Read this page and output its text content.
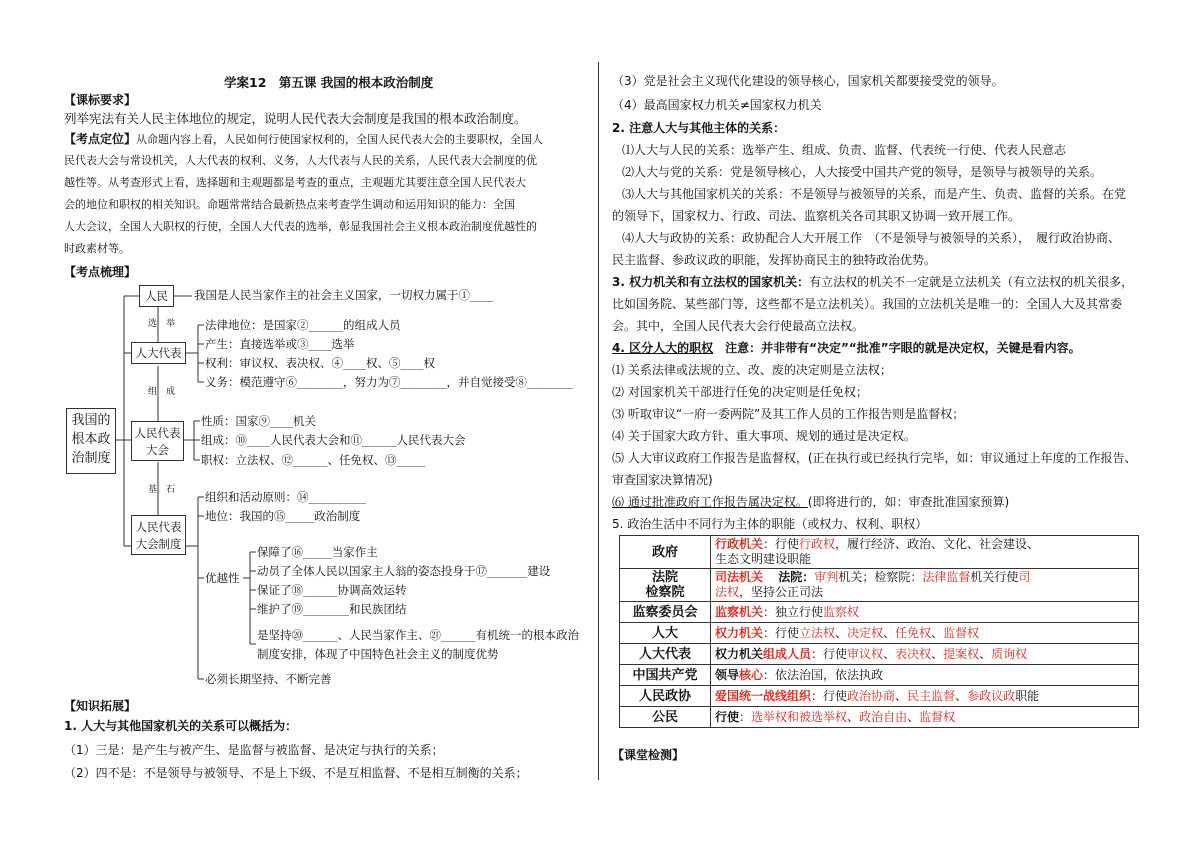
学案12　第五课 我国的根本政治制度
【课标要求】
列举宪法有关人民主体地位的规定，说明人民代表大会制度是我国的根本政治制度。
【考点定位】从命题内容上看，人民如何行使国家权利的，全国人民代表大会的主要职权，全国人
民代表大会与常设机关，人大代表的权利、义务，人大代表与人民的关系，人民代表大会制度的优
越性等。从考查形式上看，选择题和主观题都是考查的重点，主观题尤其要注意全国人民代表大
会的地位和职权的相关知识。命题常常结合最新热点来考查学生调动和运用知识的能力：全国
人大会议，全国人大职权的行使，全国人大代表的选举，彰显我国社会主义根本政治制度优越性的
时政素材等。
【考点梳理】
我国的
根本政
治制度
人民
人大代表
人民代表
大会
人民代表
大会制度
选　举
组　成
基　石
我国是人民当家作主的社会主义国家，一切权力属于①____
法律地位：是国家②______的组成人员
产生：直接选举或③____选举
权利：审议权、表决权、④____权、⑤____权
义务：模范遵守⑥________，努力为⑦________，并自觉接受⑧________
性质：国家⑨____机关
组成：⑩____人民代表大会和⑪______人民代表大会
职权：立法权、⑫______、任免权、⑬_____
组织和活动原则：⑭__________
地位：我国的⑮_____政治制度
优越性
保障了⑯_____当家作主
动员了全体人民以国家主人翁的姿态投身于⑰_______建设
保证了⑱______协调高效运转
维护了⑲________和民族团结
是坚持⑳______、人民当家作主、㉑______有机统一的根本政治
制度安排，体现了中国特色社会主义的制度优势
必须长期坚持、不断完善
【知识拓展】
1. 人大与其他国家机关的关系可以概括为：
（1）三是：是产生与被产生、是监督与被监督、是决定与执行的关系；
（2）四不是：不是领导与被领导、不是上下级、不是互相监督、不是相互制衡的关系；
（3）党是社会主义现代化建设的领导核心，国家机关都要接受党的领导。
（4）最高国家权力机关≠国家权力机关
2. 注意人大与其他主体的关系：
⑴人大与人民的关系：选举产生、组成、负责、监督、代表统一行使、代表人民意志
⑵人大与党的关系：党是领导核心，人大接受中国共产党的领导，是领导与被领导的关系。
⑶人大与其他国家机关的关系：不是领导与被领导的关系，而是产生、负责、监督的关系。在党
的领导下，国家权力、行政、司法、监察机关各司其职又协调一致开展工作。
⑷人大与政协的关系：政协配合人大开展工作　（不是领导与被领导的关系），　履行政治协商、
民主监督、参政议政的职能，发挥协商民主的独特政治优势。
3. 权力机关和有立法权的国家机关：有立法权的机关不一定就是立法机关（有立法权的机关很多，
比如国务院、某些部门等，这些都不是立法机关）。我国的立法机关是唯一的：全国人大及其常委
会。其中，全国人民代表大会行使最高立法权。
4. 区分人大的职权　注意：并非带有“决定”“批准”字眼的就是决定权，关键是看内容。
⑴ 关系法律或法规的立、改、废的决定则是立法权；
⑵ 对国家机关干部进行任免的决定则是任免权；
⑶ 听取审议“一府一委两院”及其工作人员的工作报告则是监督权；
⑷ 关于国家大政方针、重大事项、规划的通过是决定权。
⑸ 人大审议政府工作报告是监督权，(正在执行或已经执行完毕，如：审议通过上年度的工作报告、
审查国家决算情况)
⑹ 通过批准政府工作报告属决定权。(即将进行的，如：审查批准国家预算)
5. 政治生活中不同行为主体的职能（或权力、权利、职权）
政府	行政机关：行使行政权，履行经济、政治、文化、社会建设、
生态文明建设职能
法院
检察院	司法机关 法院：审判机关；检察院：法律监督机关行使司
法权，坚持公正司法
监察委员会	监察机关：独立行使监察权
人大	权力机关：行使立法权、决定权、任免权、监督权
人大代表	权力机关组成人员：行使审议权、表决权、提案权、质询权
中国共产党	领导核心：依法治国，依法执政
人民政协	爱国统一战线组织：行使政治协商、民主监督、参政议政职能
公民	行使：选举权和被选举权、政治自由、监督权
【课堂检测】
